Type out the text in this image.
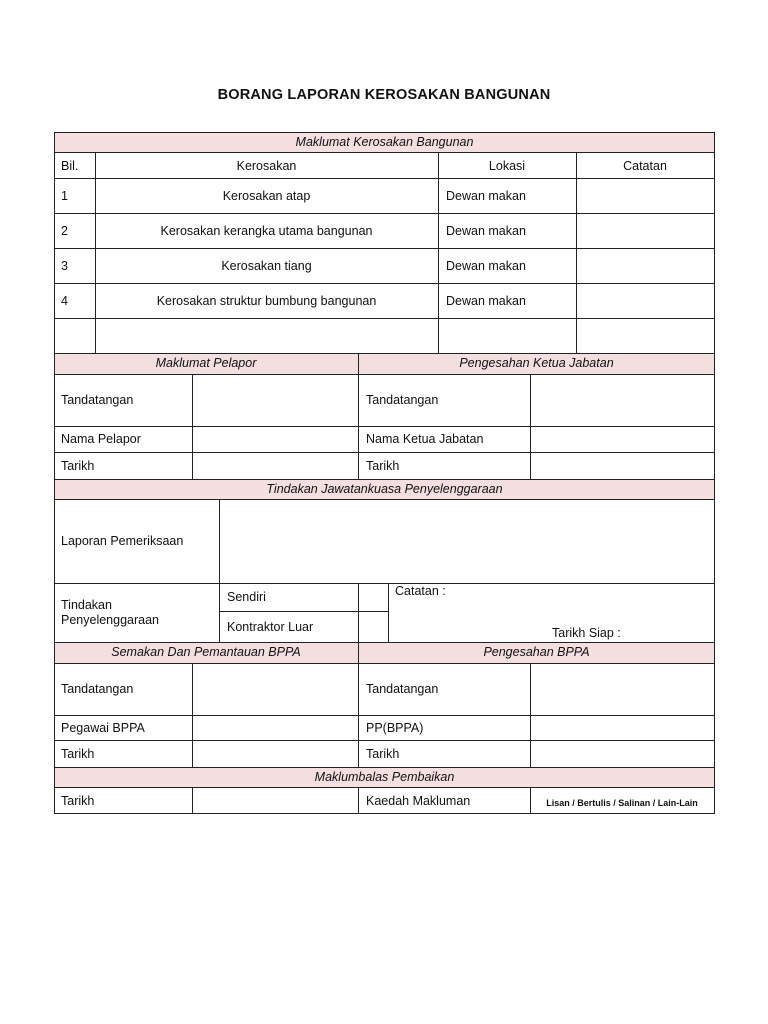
BORANG LAPORAN KEROSAKAN BANGUNAN
Maklumat Kerosakan Bangunan
Bil.	Kerosakan	Lokasi	Catatan
1	Kerosakan atap	Dewan makan
2	Kerosakan kerangka utama bangunan	Dewan makan
3	Kerosakan tiang	Dewan makan
4	Kerosakan struktur bumbung bangunan	Dewan makan
Maklumat Pelapor	Pengesahan Ketua Jabatan
Tandatangan
Nama Pelapor
Tarikh
Tandatangan
Nama Ketua Jabatan
Tarikh
Tindakan Jawatankuasa Penyelenggaraan
Laporan Pemeriksaan
Tindakan
Penyelenggaraan
Sendiri
Kontraktor Luar
Catatan :
Tarikh Siap :
Semakan Dan Pemantauan BPPA	Pengesahan BPPA
Tandatangan
Pegawai BPPA
Tarikh
Tandatangan
PP(BPPA)
Tarikh
Maklumbalas Pembaikan
Tarikh	Kaedah Makluman	Lisan / Bertulis / Salinan / Lain-Lain
